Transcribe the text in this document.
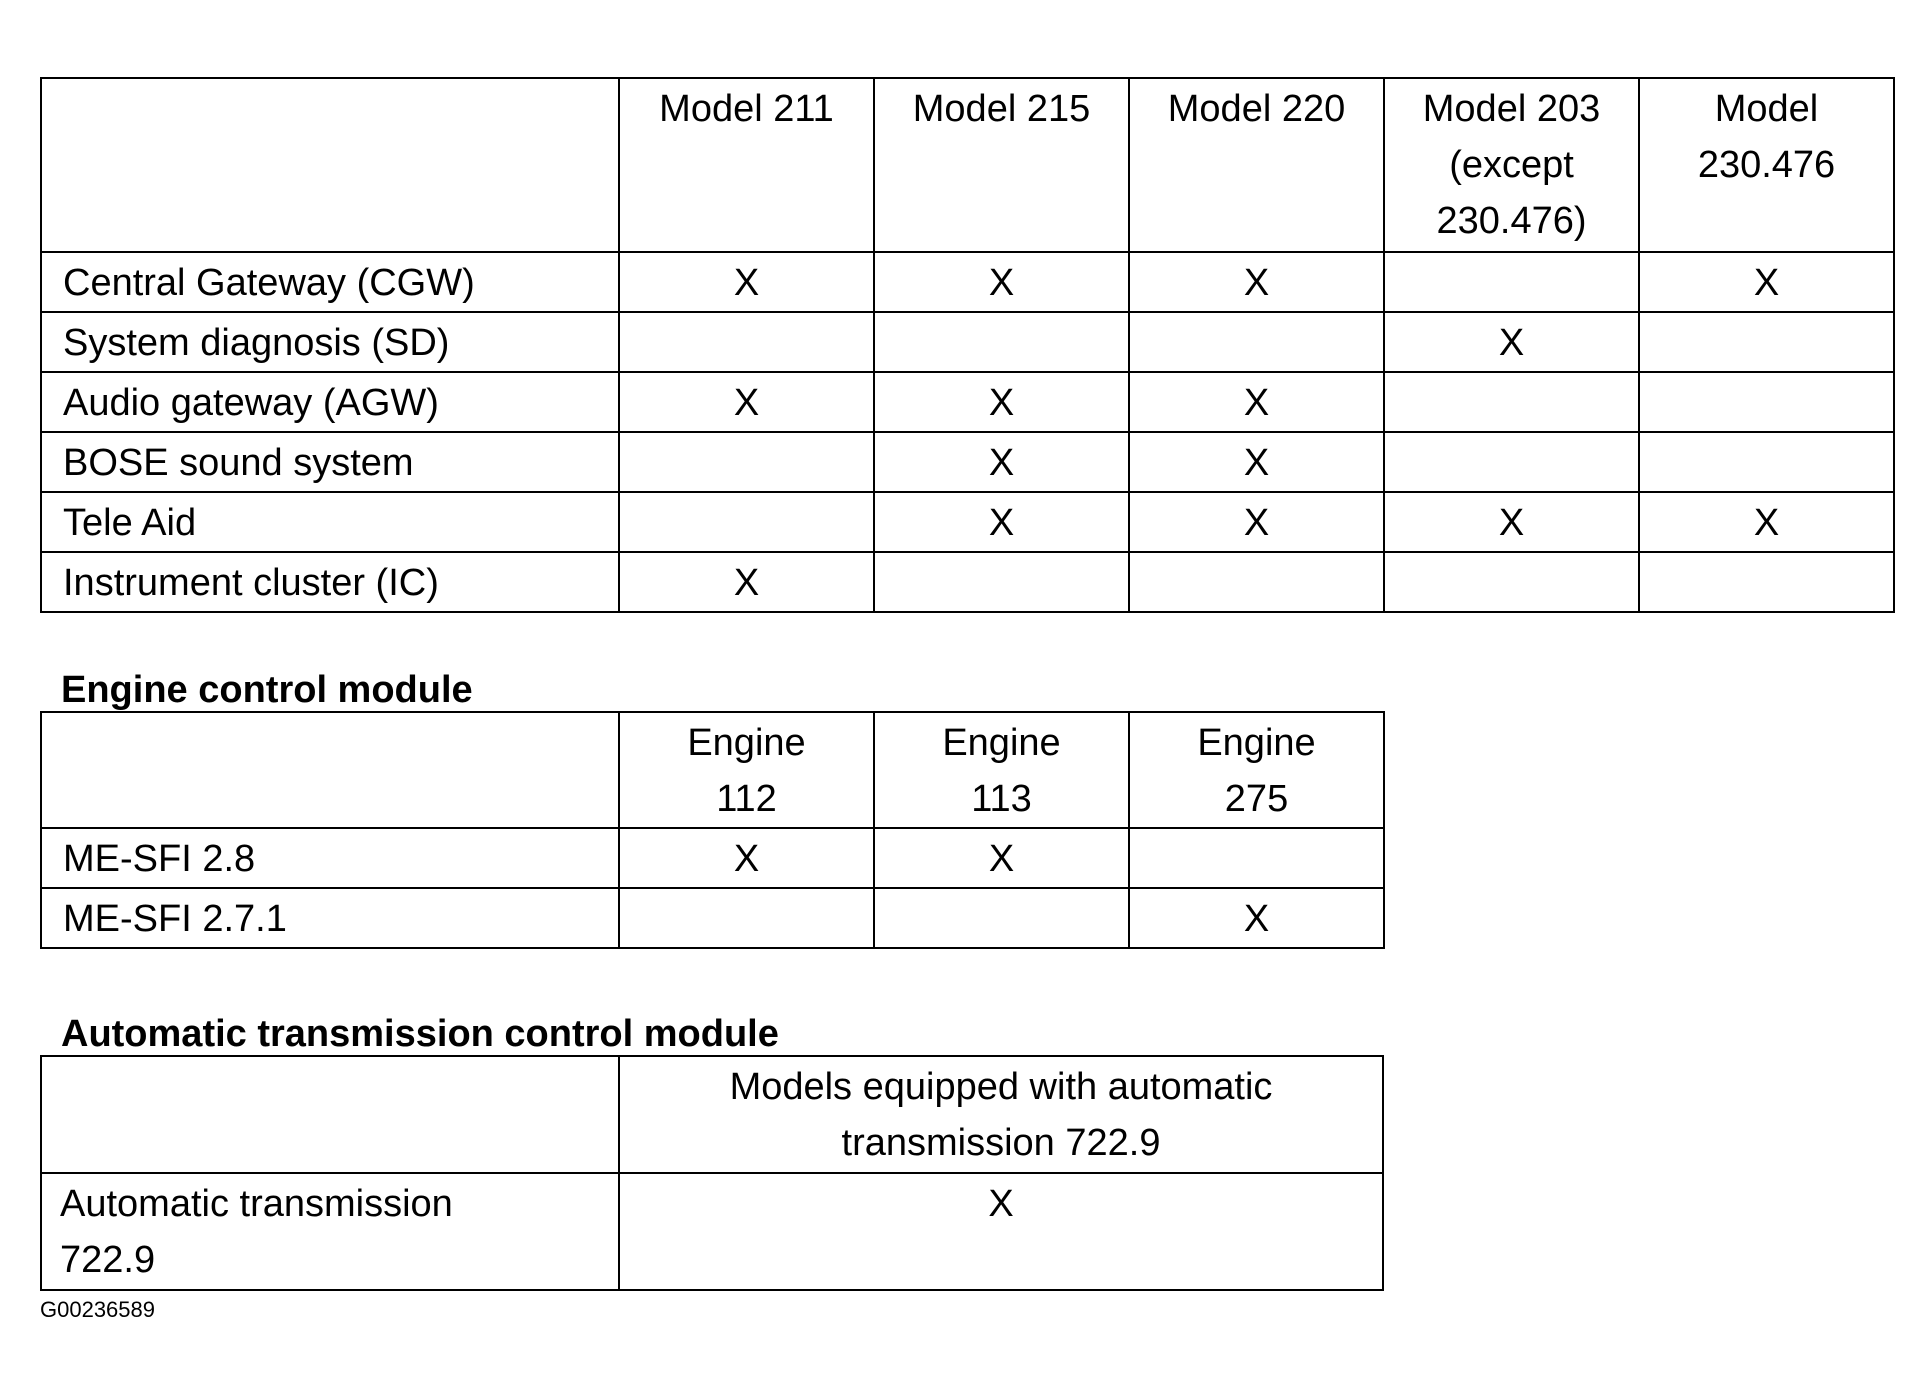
	Model 211	Model 215	Model 220	Model 203 (except 230.476)	Model 230.476
Central Gateway (CGW)	X	X	X		X
System diagnosis (SD)				X	
Audio gateway (AGW)	X	X	X		
BOSE sound system		X	X		
Tele Aid		X	X	X	X
Instrument cluster (IC)	X				
Engine control module
	Engine 112	Engine 113	Engine 275
ME-SFI 2.8	X	X	
ME-SFI 2.7.1			X
Automatic transmission control module
	Models equipped with automatic transmission 722.9
Automatic transmission 722.9	X
G00236589
